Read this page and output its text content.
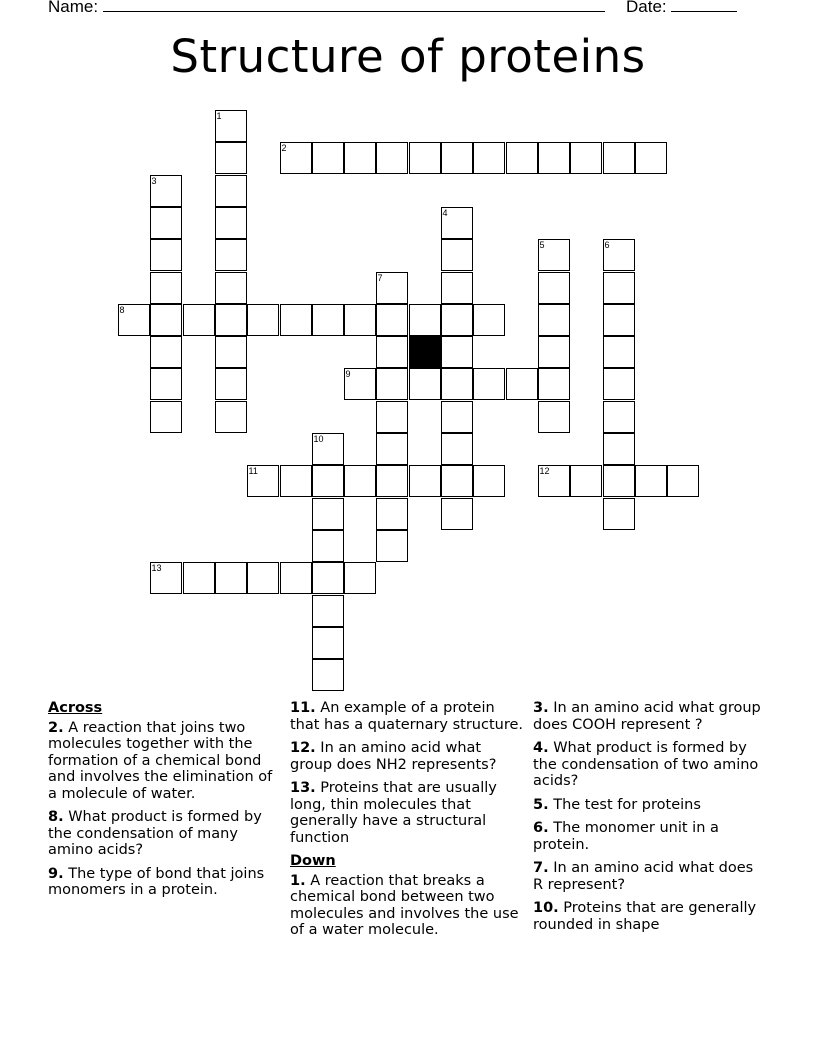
Name:	Date:
Structure of proteins
1
2
3
4
5	6
7
8
9
10
11	12
13
Across
2. A reaction that joins two molecules together with the formation of a chemical bond and involves the elimination of a molecule of water.
8. What product is formed by the condensation of many amino acids?
9. The type of bond that joins monomers in a protein.
11. An example of a protein that has a quaternary structure.
12. In an amino acid what group does NH2 represents?
13. Proteins that are usually long, thin molecules that generally have a structural function
Down
1. A reaction that breaks a chemical bond between two molecules and involves the use of a water molecule.
3. In an amino acid what group does COOH represent ?
4. What product is formed by the condensation of two amino acids?
5. The test for proteins
6. The monomer unit in a protein.
7. In an amino acid what does R represent?
10. Proteins that are generally rounded in shape
